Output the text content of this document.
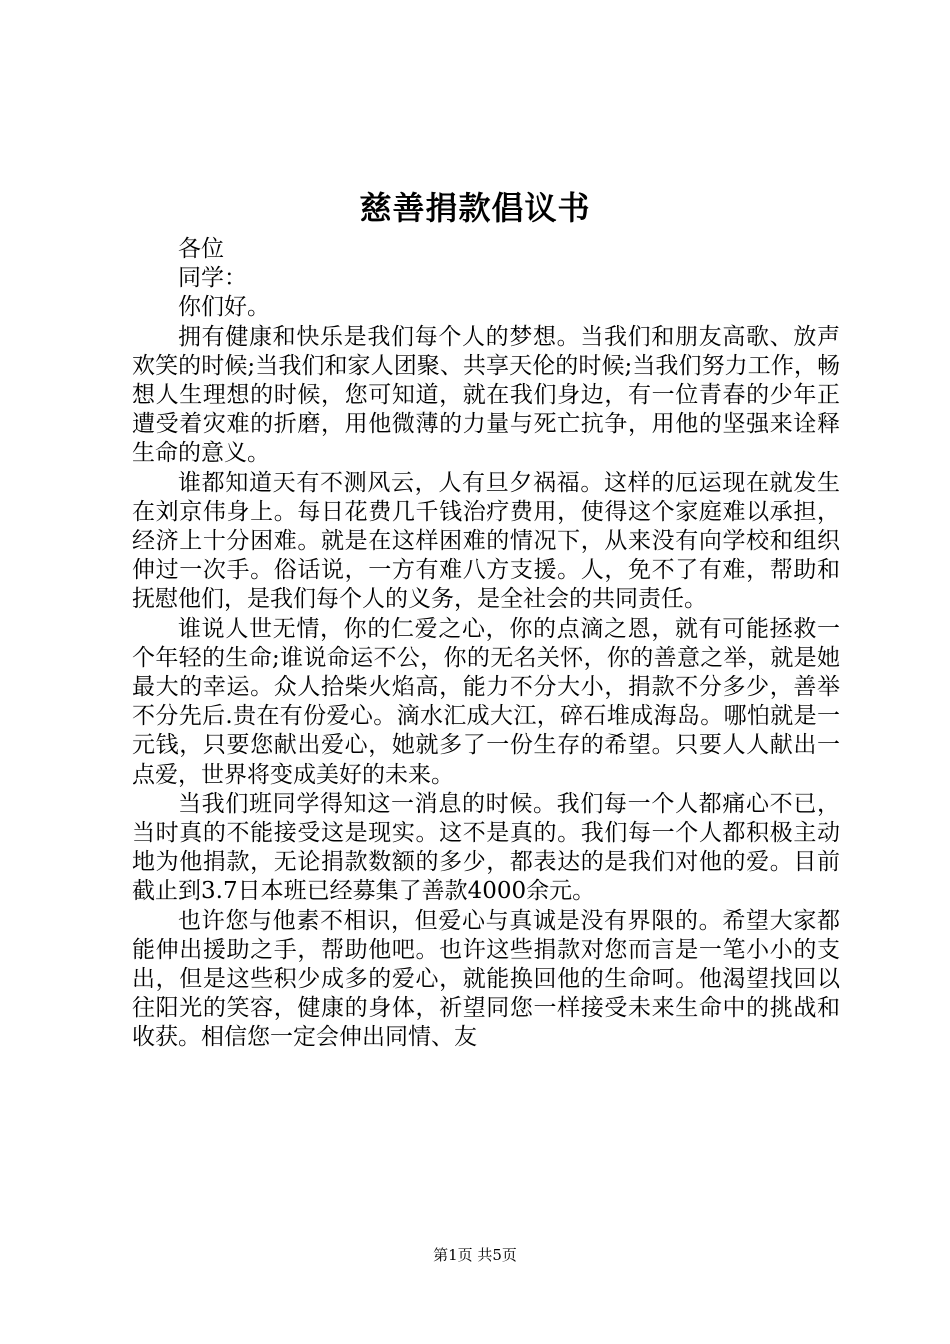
慈善捐款倡议书

各位

同学：

你们好。

拥有健康和快乐是我们每个人的梦想。当我们和朋友高歌、放声欢笑的时候;当我们和家人团聚、共享天伦的时候;当我们努力工作，畅想人生理想的时候，您可知道，就在我们身边，有一位青春的少年正遭受着灾难的折磨，用他微薄的力量与死亡抗争，用他的坚强来诠释生命的意义。

谁都知道天有不测风云，人有旦夕祸福。这样的厄运现在就发生在刘京伟身上。每日花费几千钱治疗费用，使得这个家庭难以承担，经济上十分困难。就是在这样困难的情况下，从来没有向学校和组织伸过一次手。俗话说，一方有难八方支援。人，免不了有难，帮助和抚慰他们，是我们每个人的义务，是全社会的共同责任。

谁说人世无情，你的仁爱之心，你的点滴之恩，就有可能拯救一个年轻的生命;谁说命运不公，你的无名关怀，你的善意之举，就是她最大的幸运。众人拾柴火焰高，能力不分大小，捐款不分多少，善举不分先后.贵在有份爱心。滴水汇成大江，碎石堆成海岛。哪怕就是一元钱，只要您献出爱心，她就多了一份生存的希望。只要人人献出一点爱，世界将变成美好的未来。

当我们班同学得知这一消息的时候。我们每一个人都痛心不已，当时真的不能接受这是现实。这不是真的。我们每一个人都积极主动地为他捐款，无论捐款数额的多少，都表达的是我们对他的爱。目前截止到3.7日本班已经募集了善款4000余元。

也许您与他素不相识，但爱心与真诚是没有界限的。希望大家都能伸出援助之手，帮助他吧。也许这些捐款对您而言是一笔小小的支出，但是这些积少成多的爱心，就能换回他的生命呵。他渴望找回以往阳光的笑容，健康的身体，祈望同您一样接受未来生命中的挑战和收获。相信您一定会伸出同情、友

第1页 共5页
